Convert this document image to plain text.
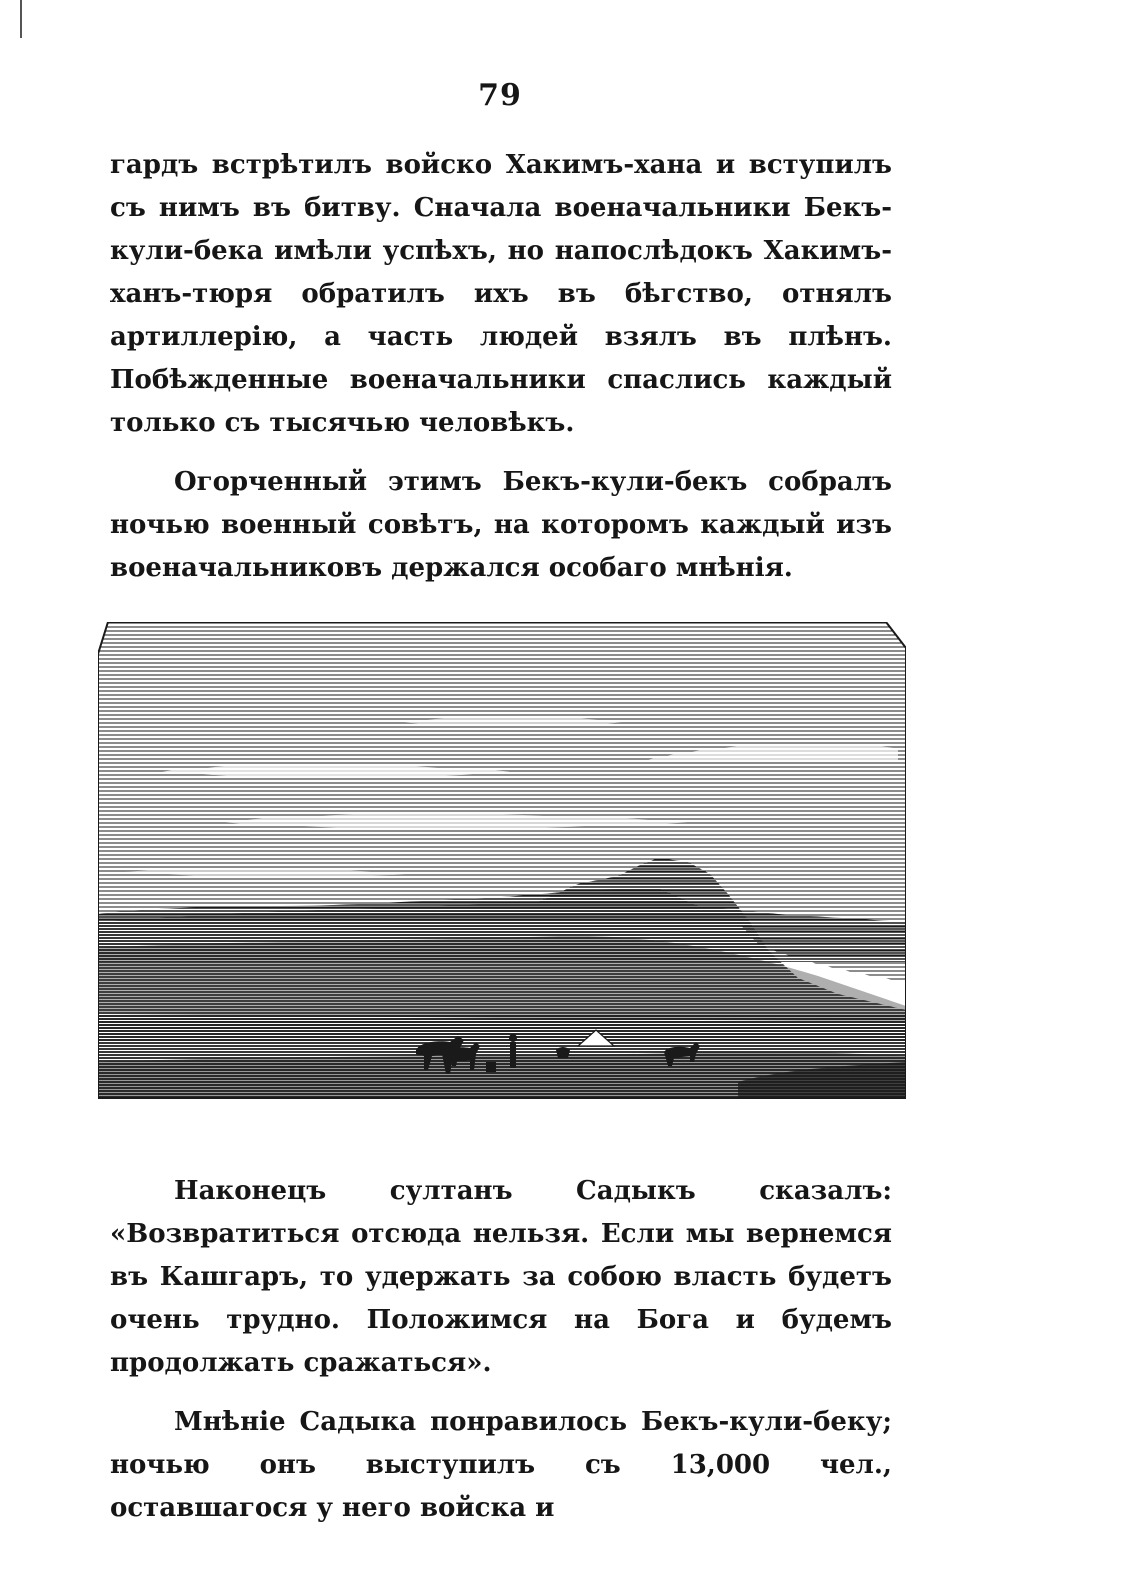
79

гардъ встрѣтилъ войско Хакимъ-хана и вступилъ съ нимъ въ битву. Сначала военачальники Бекъ-кули-бека имѣли успѣхъ, но напослѣдокъ Хакимъ-ханъ-тюря обратилъ ихъ въ бѣгство, отнялъ артиллерію, а часть людей взялъ въ плѣнъ. Побѣжденные военачальники спаслись каждый только съ тысячью человѣкъ.

Огорченный этимъ Бекъ-кули-бекъ собралъ ночью военный совѣтъ, на которомъ каждый изъ военачальниковъ держался особаго мнѣнія.

Наконецъ султанъ Садыкъ сказалъ: «Возвратиться отсюда нельзя. Если мы вернемся въ Кашгаръ, то удержать за собою власть будетъ очень трудно. Положимся на Бога и будемъ продолжать сражаться».

Мнѣніе Садыка понравилось Бекъ-кули-беку; ночью онъ выступилъ съ 13,000 чел., оставшагося у него войска и
